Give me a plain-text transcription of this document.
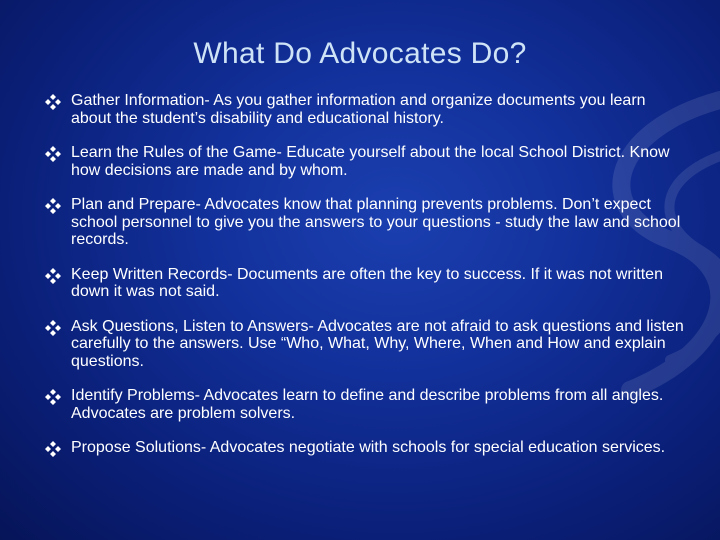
What Do Advocates Do?
Gather Information- As you gather information and organize documents you learn about the student’s disability and educational history.
Learn the Rules of the Game- Educate yourself about the local School District. Know how decisions are made and by whom.
Plan and Prepare- Advocates know that planning prevents problems. Don’t expect school personnel to give you the answers to your questions - study the law and school records.
Keep Written Records- Documents are often the key to success. If it was not written down it was not said.
Ask Questions, Listen to Answers- Advocates are not afraid to ask questions and listen carefully to the answers. Use “Who, What, Why, Where, When and How and explain questions.
Identify Problems- Advocates learn to define and describe problems from all angles. Advocates are problem solvers.
Propose Solutions- Advocates negotiate with schools for special education services.
